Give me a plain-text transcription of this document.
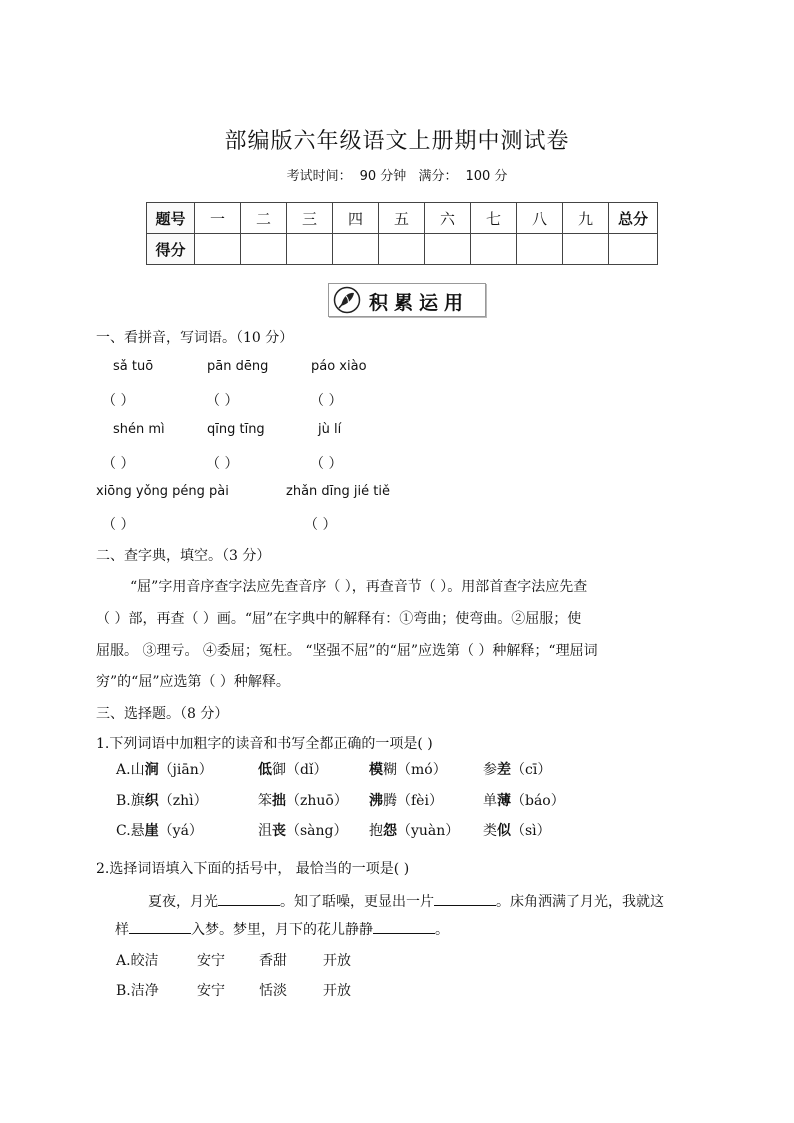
部编版六年级语文上册期中测试卷
考试时间： 90 分钟 满分： 100 分
题号	一	二	三	四	五	六	七	八	九	总分
得分										
积累运用
一、看拼音，写词语。（10 分）
sǎ tuō	pān dēng	páo xiào
（ ）	（ ）	（ ）
shén mì	qīng tīng	jù lí
（ ）	（ ）	（ ）
xiōng yǒng péng pài	zhǎn dīng jié tiě
（ ）	（ ）
二、查字典，填空。（3 分）
“屈”字用音序查字法应先查音序（ ），再查音节（ ）。用部首查字法应先查
（ ）部，再查（ ）画。“屈”在字典中的解释有：①弯曲；使弯曲。②屈服；使
屈服。 ③理亏。 ④委屈；冤枉。 “坚强不屈”的“屈”应选第（ ）种解释；“理屈词
穷”的“屈”应选第（ ）种解释。
三、选择题。（8 分）
1.下列词语中加粗字的读音和书写全都正确的一项是( )
A.山涧（jiān）	低御（dǐ）	模糊（mó）	参差（cī）
B.旗织（zhì）	笨拙（zhuō） 沸腾（fèi）	单薄（báo）
C.悬崖（yá）	沮丧（sàng） 抱怨（yuàn） 类似（sì）
2.选择词语填入下面的括号中， 最恰当的一项是( )
夏夜，月光	。知了聒噪，更显出一片	。床角洒满了月光，我就这
样	入梦。梦里，月下的花儿静静	。
A.皎洁	安宁 香甜	开放
B.洁净	安宁 恬淡	开放
